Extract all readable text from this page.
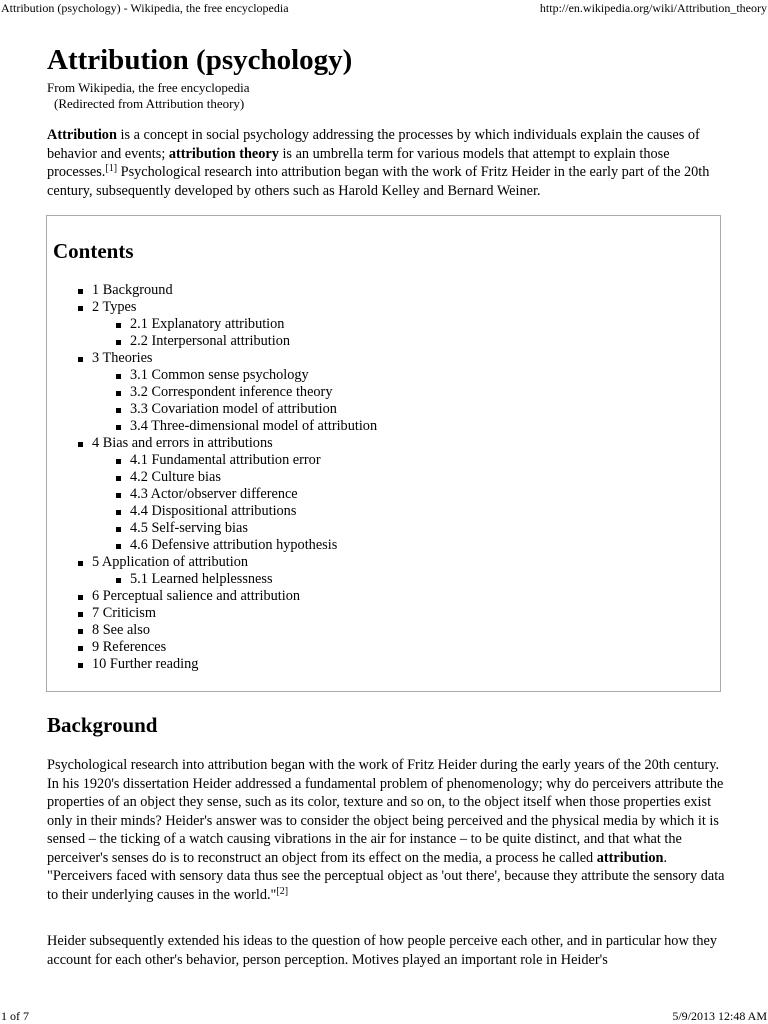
Attribution (psychology) - Wikipedia, the free encyclopedia	http://en.wikipedia.org/wiki/Attribution_theory
Attribution (psychology)
From Wikipedia, the free encyclopedia
(Redirected from Attribution theory)

Attribution is a concept in social psychology addressing the processes by which individuals explain the causes of behavior and events; attribution theory is an umbrella term for various models that attempt to explain those processes.[1] Psychological research into attribution began with the work of Fritz Heider in the early part of the 20th century, subsequently developed by others such as Harold Kelley and Bernard Weiner.

Contents
1 Background
2 Types
2.1 Explanatory attribution
2.2 Interpersonal attribution
3 Theories
3.1 Common sense psychology
3.2 Correspondent inference theory
3.3 Covariation model of attribution
3.4 Three-dimensional model of attribution
4 Bias and errors in attributions
4.1 Fundamental attribution error
4.2 Culture bias
4.3 Actor/observer difference
4.4 Dispositional attributions
4.5 Self-serving bias
4.6 Defensive attribution hypothesis
5 Application of attribution
5.1 Learned helplessness
6 Perceptual salience and attribution
7 Criticism
8 See also
9 References
10 Further reading
Background

Psychological research into attribution began with the work of Fritz Heider during the early years of the 20th century. In his 1920's dissertation Heider addressed a fundamental problem of phenomenology; why do perceivers attribute the properties of an object they sense, such as its color, texture and so on, to the object itself when those properties exist only in their minds? Heider's answer was to consider the object being perceived and the physical media by which it is sensed – the ticking of a watch causing vibrations in the air for instance – to be quite distinct, and that what the perceiver's senses do is to reconstruct an object from its effect on the media, a process he called attribution. "Perceivers faced with sensory data thus see the perceptual object as 'out there', because they attribute the sensory data to their underlying causes in the world."[2]

Heider subsequently extended his ideas to the question of how people perceive each other, and in particular how they account for each other's behavior, person perception. Motives played an important role in Heider's

1 of 7	5/9/2013 12:48 AM
